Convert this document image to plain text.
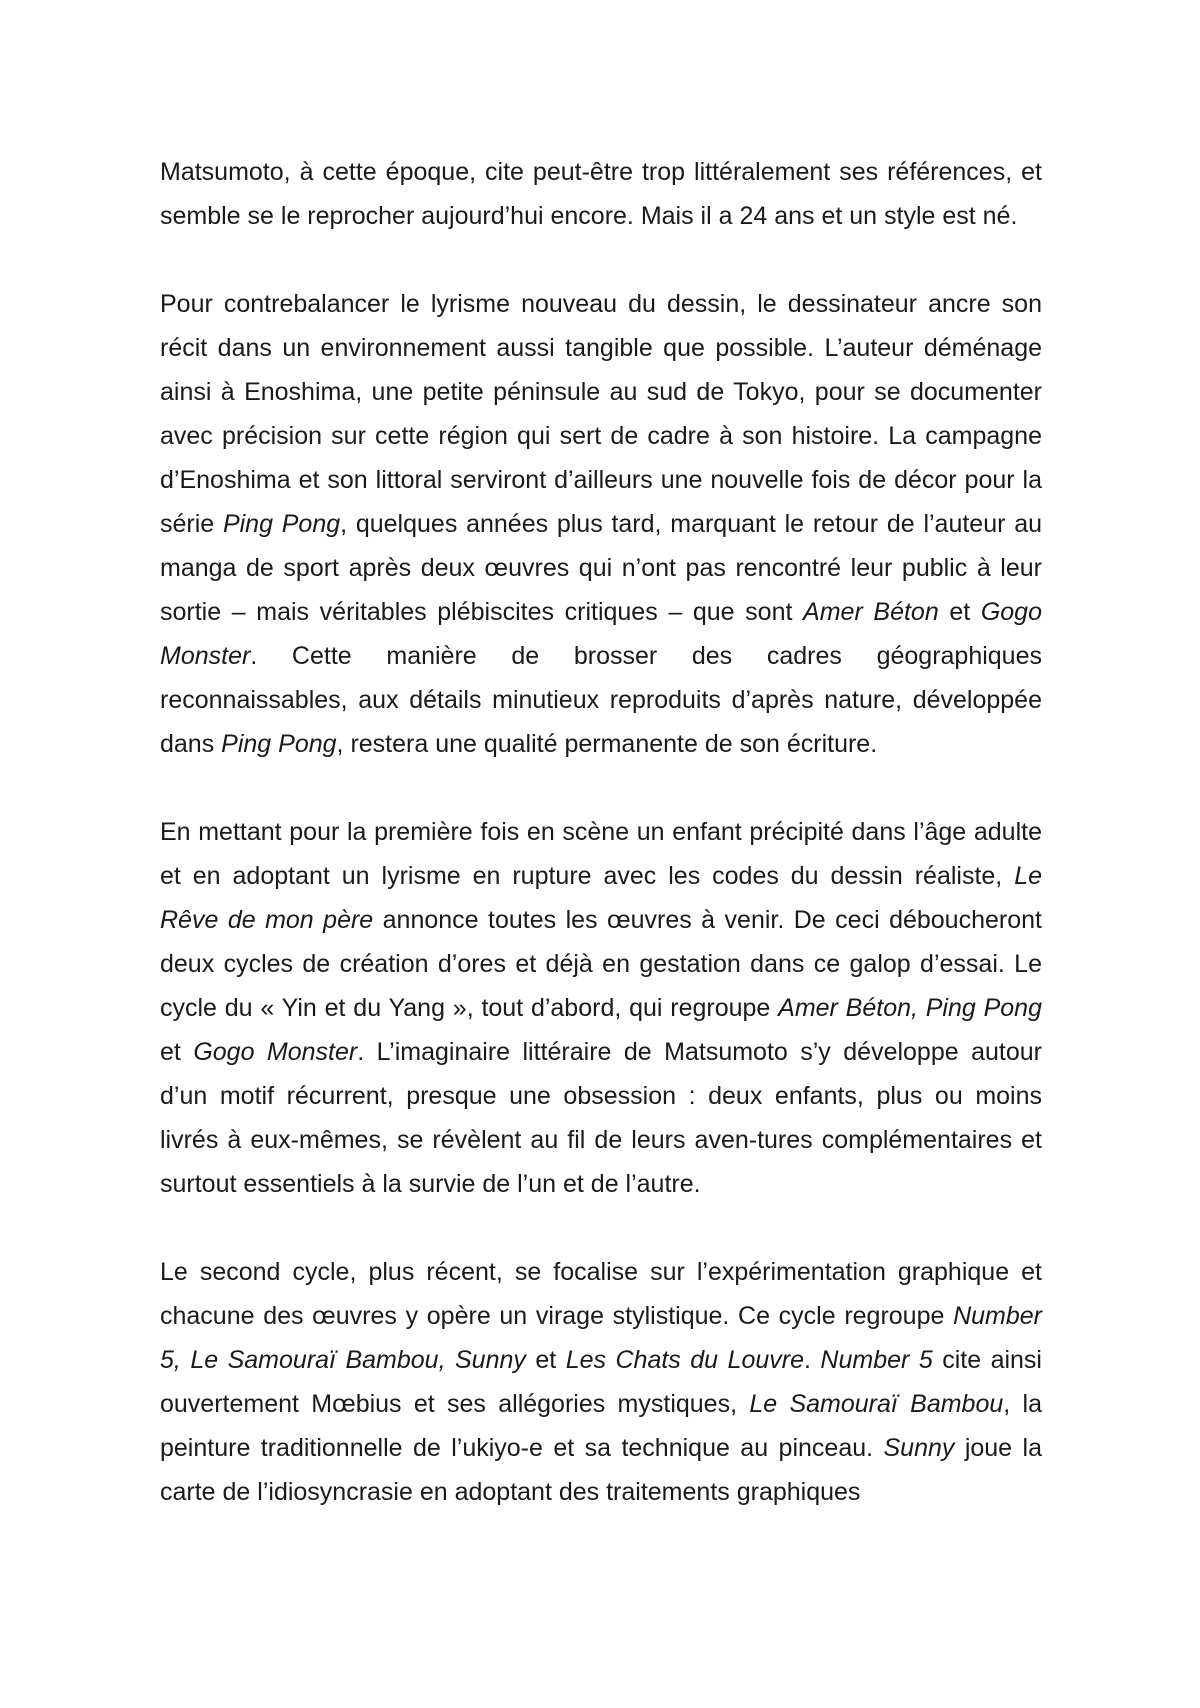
Matsumoto, à cette époque, cite peut-être trop littéralement ses références, et semble se le reprocher aujourd’hui encore. Mais il a 24 ans et un style est né.

Pour contrebalancer le lyrisme nouveau du dessin, le dessinateur ancre son récit dans un environnement aussi tangible que possible. L’auteur déménage ainsi à Enoshima, une petite péninsule au sud de Tokyo, pour se documenter avec précision sur cette région qui sert de cadre à son histoire. La campagne d’Enoshima et son littoral serviront d’ailleurs une nouvelle fois de décor pour la série Ping Pong, quelques années plus tard, marquant le retour de l’auteur au manga de sport après deux œuvres qui n’ont pas rencontré leur public à leur sortie – mais véritables plébiscites critiques – que sont Amer Béton et Gogo Monster. Cette manière de brosser des cadres géographiques reconnaissables, aux détails minutieux reproduits d’après nature, développée dans Ping Pong, restera une qualité permanente de son écriture.

En mettant pour la première fois en scène un enfant précipité dans l’âge adulte et en adoptant un lyrisme en rupture avec les codes du dessin réaliste, Le Rêve de mon père annonce toutes les œuvres à venir. De ceci déboucheront deux cycles de création d’ores et déjà en gestation dans ce galop d’essai. Le cycle du « Yin et du Yang », tout d’abord, qui regroupe Amer Béton, Ping Pong et Gogo Monster. L’imaginaire littéraire de Matsumoto s’y développe autour d’un motif récurrent, presque une obsession : deux enfants, plus ou moins livrés à eux-mêmes, se révèlent au fil de leurs aven-tures complémentaires et surtout essentiels à la survie de l’un et de l’autre.

Le second cycle, plus récent, se focalise sur l’expérimentation graphique et chacune des œuvres y opère un virage stylistique. Ce cycle regroupe Number 5, Le Samouraï Bambou, Sunny et Les Chats du Louvre. Number 5 cite ainsi ouvertement Mœbius et ses allégories mystiques, Le Samouraï Bambou, la peinture traditionnelle de l’ukiyo-e et sa technique au pinceau. Sunny joue la carte de l’idiosyncrasie en adoptant des traitements graphiques
